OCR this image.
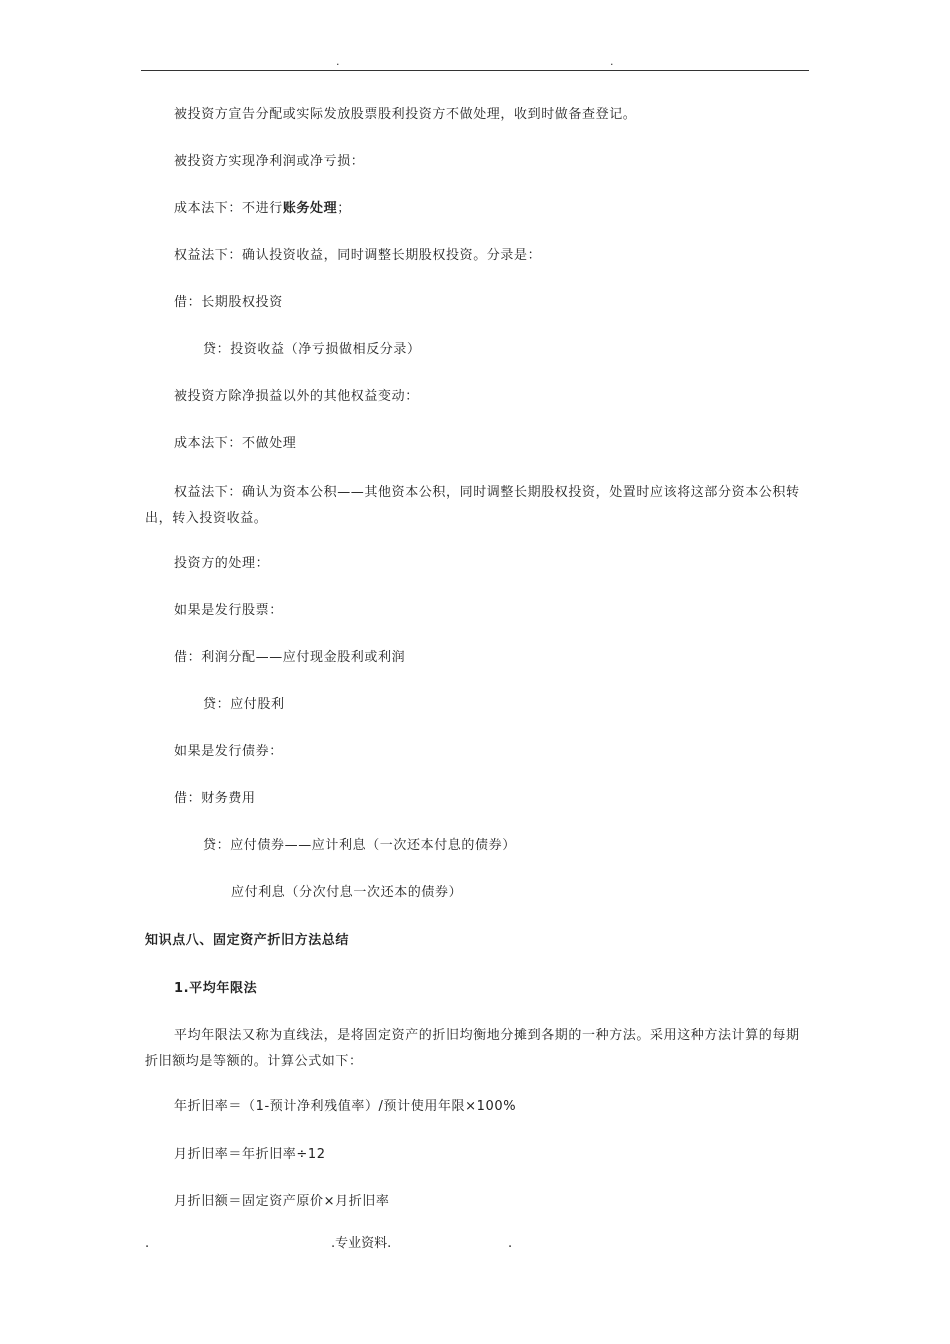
.	.
被投资方宣告分配或实际发放股票股利投资方不做处理，收到时做备查登记。
被投资方实现净利润或净亏损：
成本法下：不进行账务处理；
权益法下：确认投资收益，同时调整长期股权投资。分录是：
借：长期股权投资
贷：投资收益（净亏损做相反分录）
被投资方除净损益以外的其他权益变动：
成本法下：不做处理
权益法下：确认为资本公积——其他资本公积，同时调整长期股权投资，处置时应该将这部分资本公积转出，转入投资收益。
投资方的处理：
如果是发行股票：
借：利润分配——应付现金股利或利润
贷：应付股利
如果是发行债券：
借：财务费用
贷：应付债券——应计利息（一次还本付息的债券）
应付利息（分次付息一次还本的债券）
知识点八、固定资产折旧方法总结
1.平均年限法
平均年限法又称为直线法，是将固定资产的折旧均衡地分摊到各期的一种方法。采用这种方法计算的每期折旧额均是等额的。计算公式如下：
年折旧率＝（1-预计净利残值率）/预计使用年限×100%
月折旧率＝年折旧率÷12
月折旧额＝固定资产原价×月折旧率
.	.专业资料.	.
